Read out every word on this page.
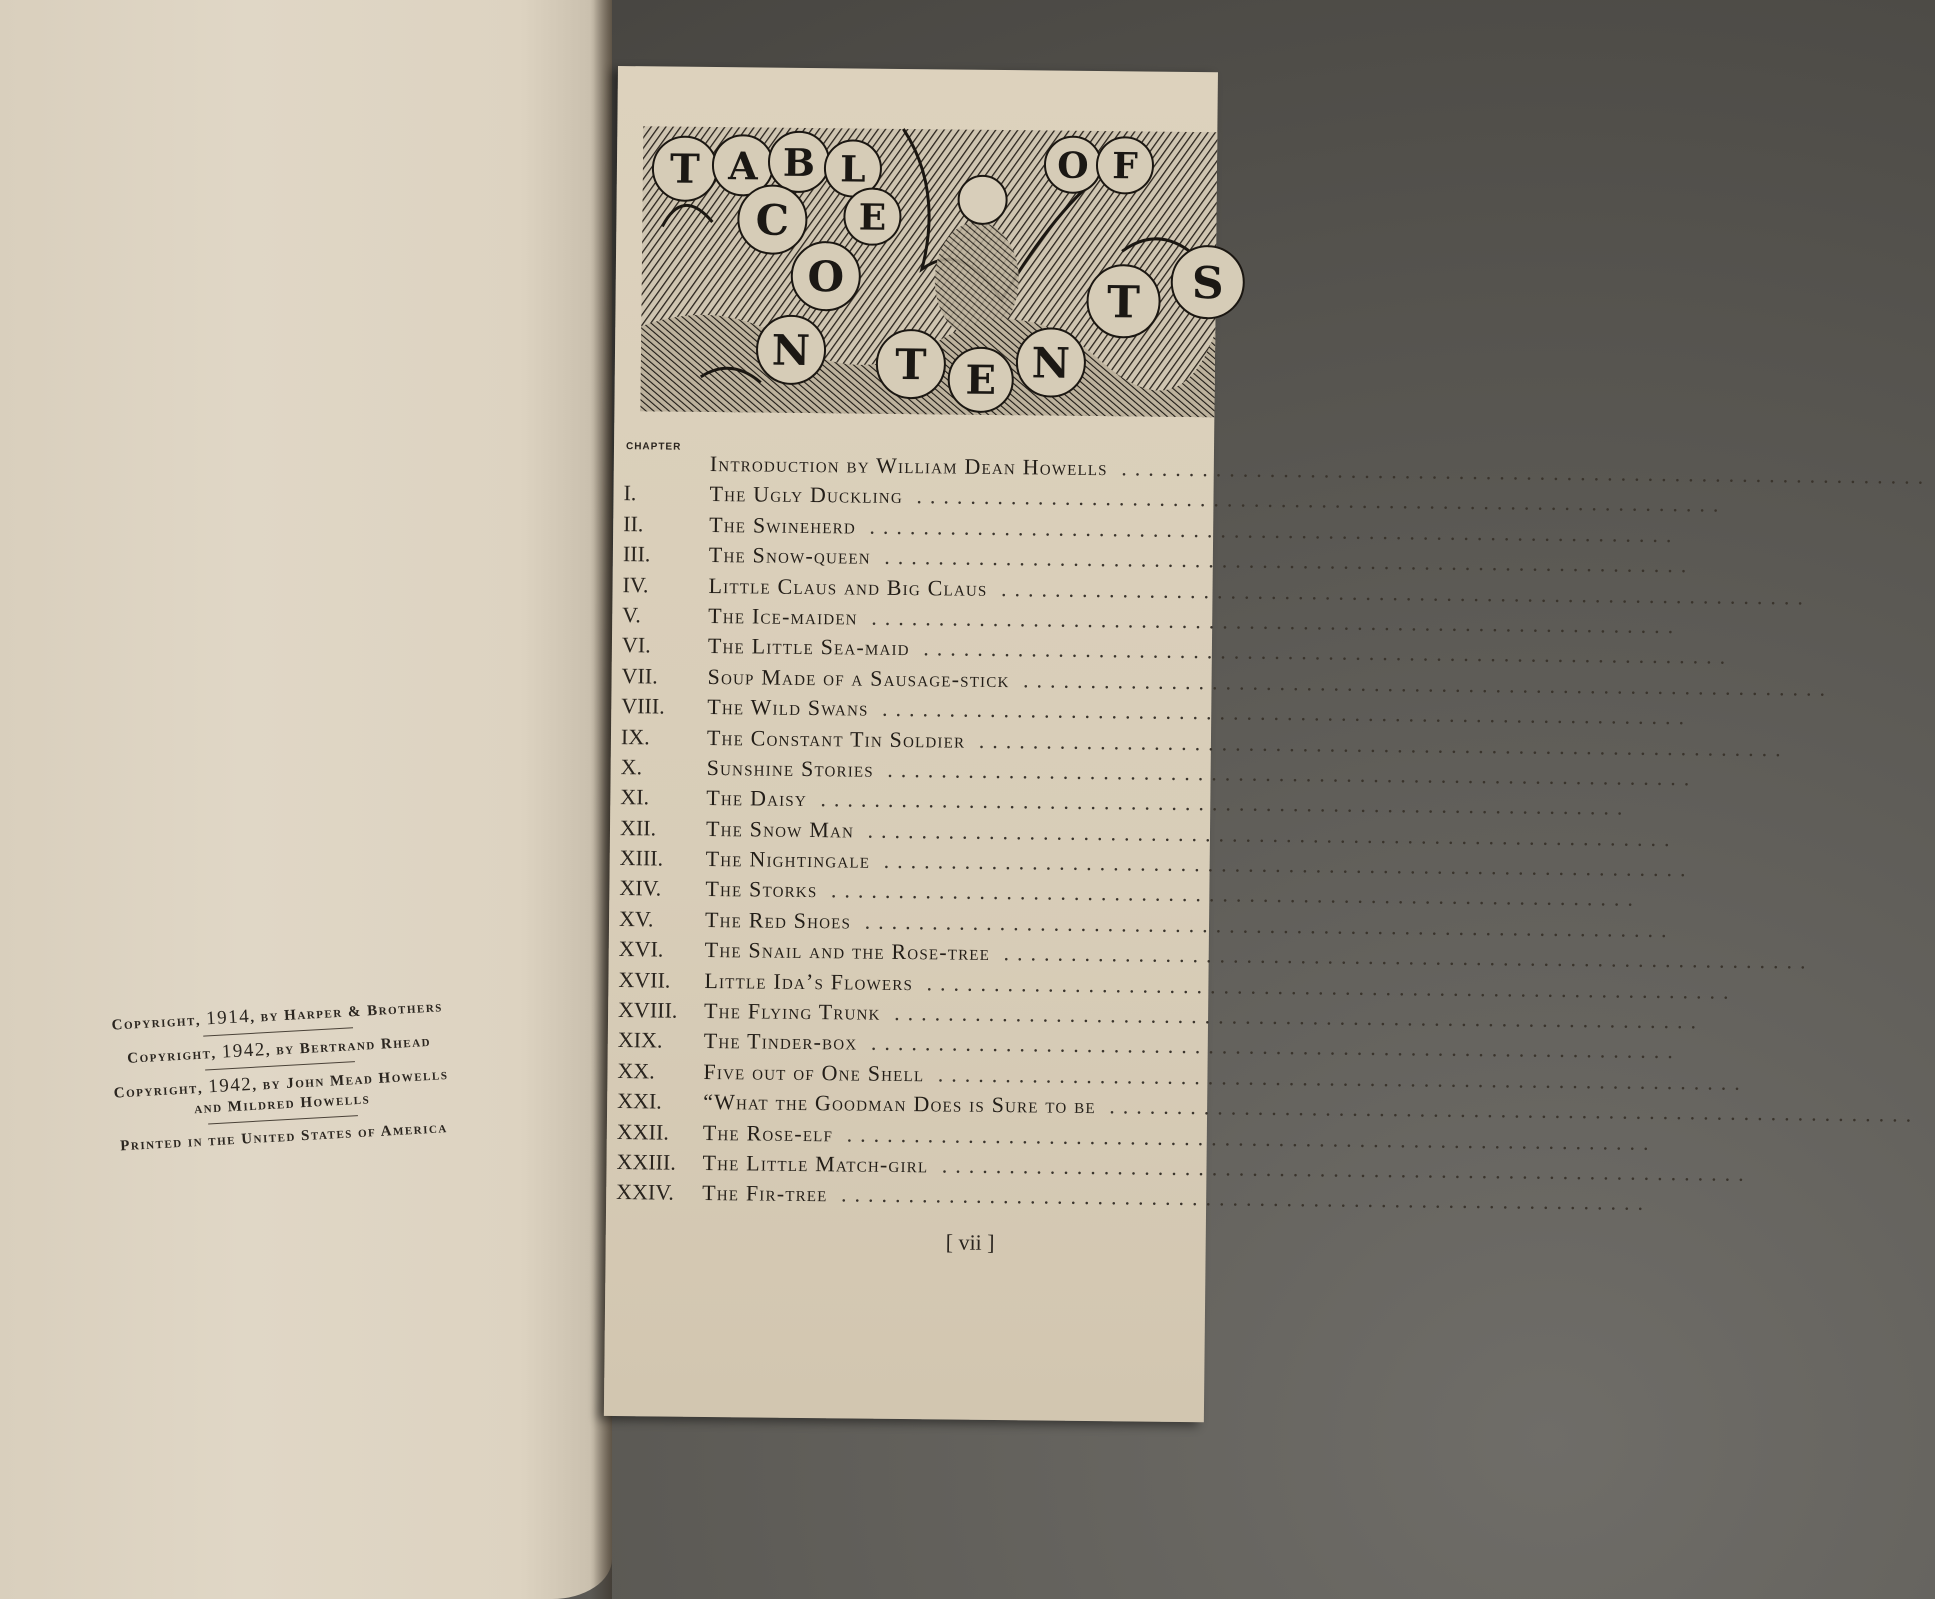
Copyright, 1914, by Harper & Brothers
Copyright, 1942, by Bertrand Rhead
Copyright, 1942, by John Mead Howells
and Mildred Howells
Printed in the United States of America
T A B L
E
O F
C
O
N T E N
T S
CHAPTER
Introduction by William Dean Howells ............................................................
I.	The Ugly Duckling ............................................................
II.	The Swineherd ............................................................
III.	The Snow-queen ............................................................
IV.	Little Claus and Big Claus ............................................................
V.	The Ice-maiden ............................................................
VI.	The Little Sea-maid ............................................................
VII. Soup Made of a Sausage-stick ............................................................
VIII. The Wild Swans ............................................................
IX.	The Constant Tin Soldier ............................................................
X.	Sunshine Stories ............................................................
XI.	The Daisy ............................................................
XII. The Snow Man ............................................................
XIII. The Nightingale ............................................................
XIV. The Storks ............................................................
XV. The Red Shoes ............................................................
XVI. The Snail and the Rose-tree ............................................................
XVII. Little Ida’s Flowers ............................................................
XVIII. The Flying Trunk ............................................................
XIX. The Tinder-box ............................................................
XX. Five out of One Shell ............................................................
XXI. “What the Goodman Does is Sure to be ............................................................
XXII. The Rose-elf ............................................................
XXIII. The Little Match-girl ............................................................
XXIV. The Fir-tree ............................................................
[ vii ]
